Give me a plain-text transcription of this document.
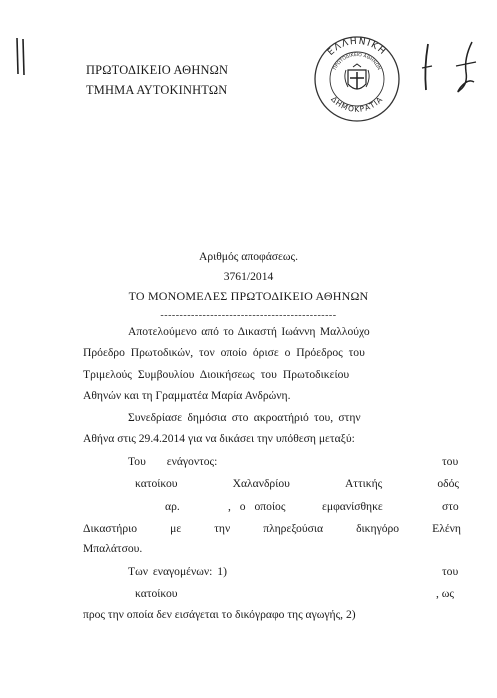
ΠΡΩΤΟΔΙΚΕΙΟ ΑΘΗΝΩΝ
ΤΜΗΜΑ ΑΥΤΟΚΙΝΗΤΩΝ
ΕΛΛΗΝΙΚΗ
ΔΗΜΟΚΡΑΤΙΑ
ΠΡΩΤΟΔΙΚΕΙΟ ΑΘΗΝΩΝ
Αριθμός αποφάσεως.
3761/2014
ΤΟ ΜΟΝΟΜΕΛΕΣ ΠΡΩΤΟΔΙΚΕΙΟ ΑΘΗΝΩΝ
----------------------------------------------
Αποτελούμενο από το Δικαστή Ιωάννη Μαλλούχο
Πρόεδρο Πρωτοδικών, τον οποίο όρισε ο Πρόεδρος του
Τριμελούς Συμβουλίου Διοικήσεως του Πρωτοδικείου
Αθηνών και τη Γραμματέα Μαρία Ανδρώνη.
Συνεδρίασε δημόσια στο ακροατήριό του, στην
Αθήνα στις 29.4.2014 για να δικάσει την υπόθεση μεταξύ:
Του ενάγοντος:	του
κατοίκου	Χαλανδρίου	Αττικής	οδός
αρ.	, ο οποίος	εμφανίσθηκε	στο
Δικαστήριο	με	την	πληρεξούσια	δικηγόρο	Ελένη
Μπαλάτσου.
Των εναγομένων: 1)	του
κατοίκου	, ως
προς την οποία δεν εισάγεται το δικόγραφο της αγωγής, 2)
